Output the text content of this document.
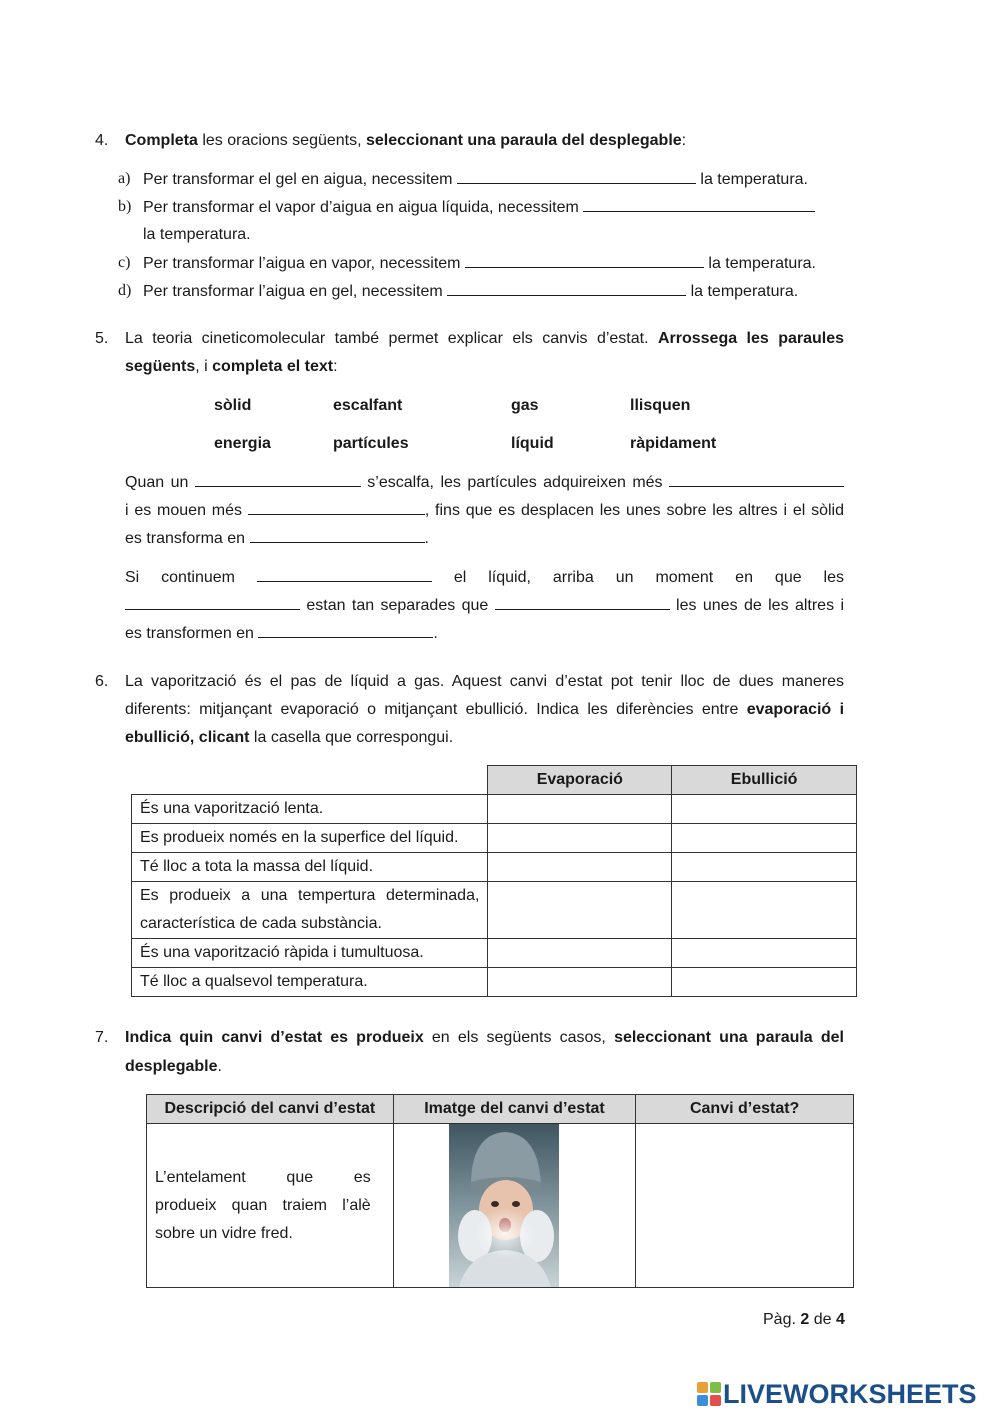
4. Completa les oracions següents, seleccionant una paraula del desplegable:
a) Per transformar el gel en aigua, necessitem	la temperatura.
b) Per transformar el vapor d’aigua en aigua líquida, necessitem
la temperatura.
c) Per transformar l’aigua en vapor, necessitem	la temperatura.
d) Per transformar l’aigua en gel, necessitem	la temperatura.
5. La teoria cineticomolecular també permet explicar els canvis d’estat. Arrossega les paraules
següents, i completa el text:
sòlid	escalfant	gas	llisquen
energia	partícules	líquid	ràpidament
Quan un	s’escalfa, les partícules adquireixen més
i es mouen més	, fins que es desplacen les unes sobre les altres i el sòlid
es transforma en	.
Si continuem	el líquid, arriba un moment en que les
estan tan separades que	les unes de les altres i
es transformen en	.
6. La vaporització és el pas de líquid a gas. Aquest canvi d’estat pot tenir lloc de dues maneres
diferents: mitjançant evaporació o mitjançant ebullició. Indica les diferències entre evaporació i
ebullició, clicant la casella que correspongui.
	Evaporació	Ebullició
És una vaporització lenta.		
Es produeix només en la superfice del líquid.		
Té lloc a tota la massa del líquid.		

Es produeix a una tempertura determinada,
característica de cada substància.		

És una vaporització ràpida i tumultuosa.		
Té lloc a qualsevol temperatura.		
7. Indica quin canvi d’estat es produeix en els següents casos, seleccionant una paraula del
desplegable.
Descripció del canvi d’estat	Imatge del canvi d’estat	Canvi d’estat?

L’entelament que es
produeix quan traiem l’alè
sobre un vidre fred.		

Pàg. 2 de 4
LIVEWORKSHEETS
